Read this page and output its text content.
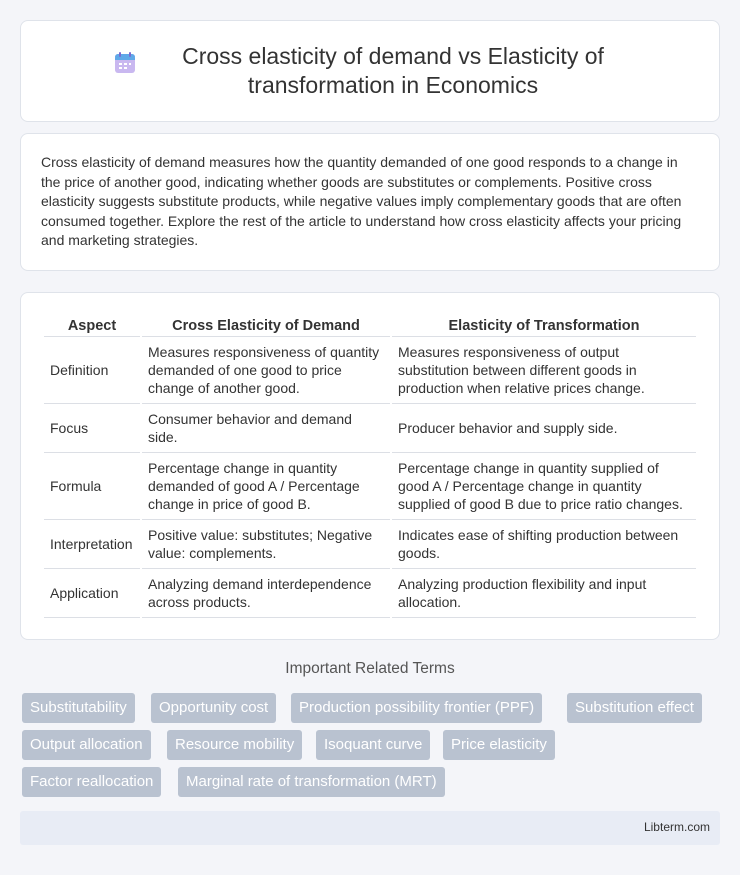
Cross elasticity of demand vs Elasticity of transformation in Economics

Cross elasticity of demand measures how the quantity demanded of one good responds to a change in the price of another good, indicating whether goods are substitutes or complements. Positive cross elasticity suggests substitute products, while negative values imply complementary goods that are often consumed together. Explore the rest of the article to understand how cross elasticity affects your pricing and marketing strategies.

Aspect	Cross Elasticity of Demand	Elasticity of Transformation
Definition	Measures responsiveness of quantity demanded of one good to price change of another good.	Measures responsiveness of output substitution between different goods in production when relative prices change.
Focus	Consumer behavior and demand side.	Producer behavior and supply side.
Formula	Percentage change in quantity demanded of good A / Percentage change in price of good B.	Percentage change in quantity supplied of good A / Percentage change in quantity supplied of good B due to price ratio changes.
Interpretation	Positive value: substitutes; Negative value: complements.	Indicates ease of shifting production between goods.
Application	Analyzing demand interdependence across products.	Analyzing production flexibility and input allocation.
Important Related Terms
Substitutability	Opportunity cost	Production possibility frontier (PPF)	Substitution effect
Output allocation	Resource mobility	Isoquant curve	Price elasticity
Factor reallocation	Marginal rate of transformation (MRT)
Libterm.com
